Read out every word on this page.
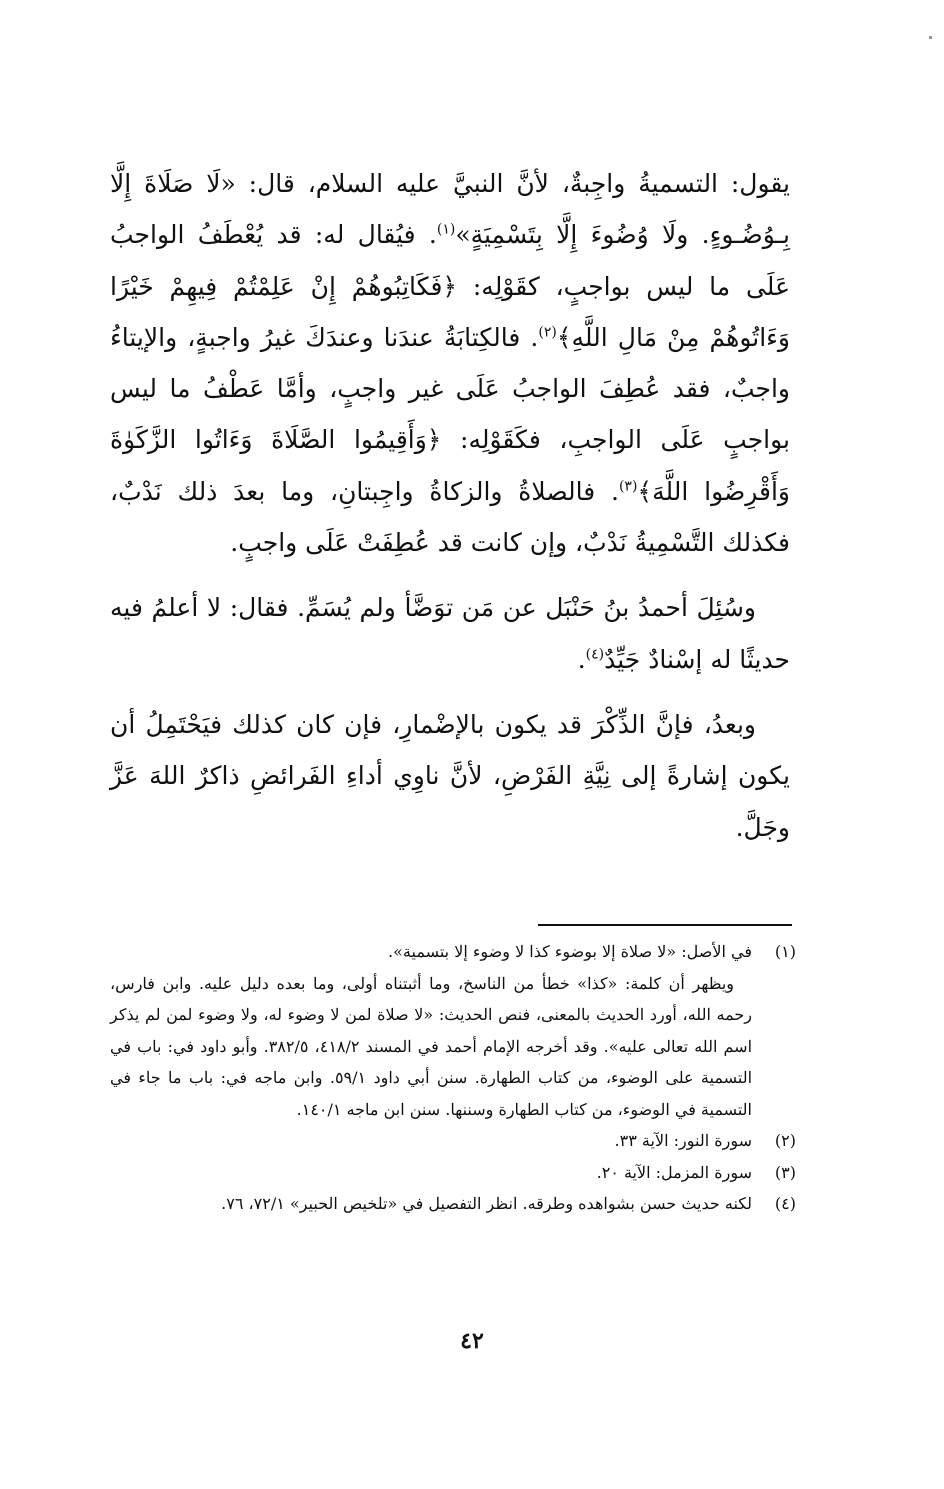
يقول: التسميةُ واجِبةٌ، لأنَّ النبيَّ عليه السلام، قال: «لَا صَلَاةَ إِلَّا بِـوُضُـوءٍ. ولَا وُضُوءَ إِلَّا بِتَسْمِيَةٍ»$^{(١)}$. فيُقال له: قد يُعْطَفُ الواجبُ عَلَى ما ليس بواجبٍ، كقَوْلِه: ﴿فَكَاتِبُوهُمْ إِنْ عَلِمْتُمْ فِيهِمْ خَيْرًا وَءَاتُوهُمْ مِنْ مَالِ اللَّهِ﴾$^{(٢)}$. فالكِتابَةُ عندَنا وعندَكَ غيرُ واجبةٍ، والإيتاءُ واجبٌ، فقد عُطِفَ الواجبُ عَلَى غير واجبٍ، وأمَّا عَطْفُ ما ليس بواجبٍ عَلَى الواجبِ، فكَقَوْلِه: ﴿وَأَقِيمُوا الصَّلَاةَ وَءَاتُوا الزَّكَوٰةَ وَأَقْرِضُوا اللَّهَ﴾$^{(٣)}$. فالصلاةُ والزكاةُ واجِبتانِ، وما بعدَ ذلك نَدْبٌ، فكذلك التَّسْمِيةُ نَدْبٌ، وإن كانت قد عُطِفَتْ عَلَى واجبٍ.

وسُئِلَ أحمدُ بنُ حَنْبَل عن مَن توَضَّأ ولم يُسَمِّ. فقال: لا أعلمُ فيه حديثًا له إسْنادٌ جَيِّدٌ$^{(٤)}$.

وبعدُ، فإنَّ الذِّكْرَ قد يكون بالإضْمارِ، فإن كان كذلك فيَحْتَمِلُ أن يكون إشارةً إلى نِيَّةِ الفَرْضِ، لأنَّ ناوِي أداءِ الفَرائضِ ذاكرٌ اللهَ عَزَّ وجَلَّ.

(١)
في الأصل: «لا صلاة إلا بوضوء كذا لا وضوء إلا بتسمية».
ويظهر أن كلمة: «كذا» خطأ من الناسخ، وما أثبتناه أولى، وما بعده دليل عليه. وابن فارس، رحمه الله، أورد الحديث بالمعنى، فنص الحديث: «لا صلاة لمن لا وضوء له، ولا وضوء لمن لم يذكر اسم الله تعالى عليه». وقد أخرجه الإمام أحمد في المسند ٤١٨/٢، ٣٨٢/٥. وأبو داود في: باب في التسمية على الوضوء، من كتاب الطهارة. سنن أبي داود ٥٩/١. وابن ماجه في: باب ما جاء في التسمية في الوضوء، من كتاب الطهارة وسننها. سنن ابن ماجه ١٤٠/١.
(٢)
سورة النور: الآية ٣٣.
(٣)
سورة المزمل: الآية ٢٠.
(٤)
لكنه حديث حسن بشواهده وطرقه. انظر التفصيل في «تلخيص الحبير» ٧٢/١، ٧٦.
٤٢
